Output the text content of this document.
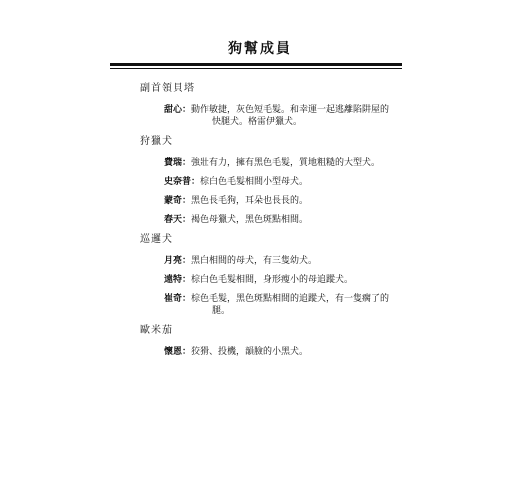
狗幫成員
副首領貝塔
甜心：動作敏捷，灰色短毛髮。和幸運一起逃離陷阱屋的快腿犬。格雷伊獵犬。
狩獵犬
費瑞：強壯有力，擁有黑色毛髮，質地粗糙的大型犬。
史奈普：棕白色毛髮相間小型母犬。
蒙奇：黑色長毛狗，耳朵也長長的。
春天：褐色母獵犬，黑色斑點相間。
巡邏犬
月亮：黑白相間的母犬，有三隻幼犬。
遠特：棕白色毛髮相間，身形瘦小的母追蹤犬。
崔奇：棕色毛髮，黑色斑點相間的追蹤犬，有一隻瘸了的腿。
歐米茄
懷恩：狡猾、投機，韻臉的小黑犬。
